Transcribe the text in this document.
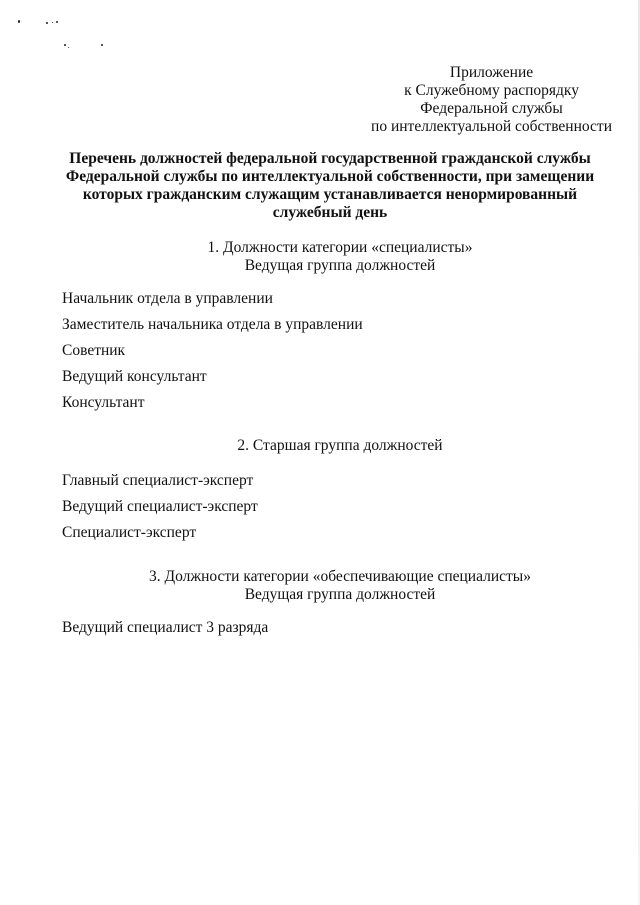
Приложение
к Служебному распорядку
Федеральной службы
по интеллектуальной собственности
Перечень должностей федеральной государственной гражданской службы
Федеральной службы по интеллектуальной собственности, при замещении
которых гражданским служащим устанавливается ненормированный
служебный день
1. Должности категории «специалисты»
Ведущая группа должностей
Начальник отдела в управлении
Заместитель начальника отдела в управлении
Советник
Ведущий консультант
Консультант
2. Старшая группа должностей
Главный специалист-эксперт
Ведущий специалист-эксперт
Специалист-эксперт
3. Должности категории «обеспечивающие специалисты»
Ведущая группа должностей
Ведущий специалист 3 разряда
